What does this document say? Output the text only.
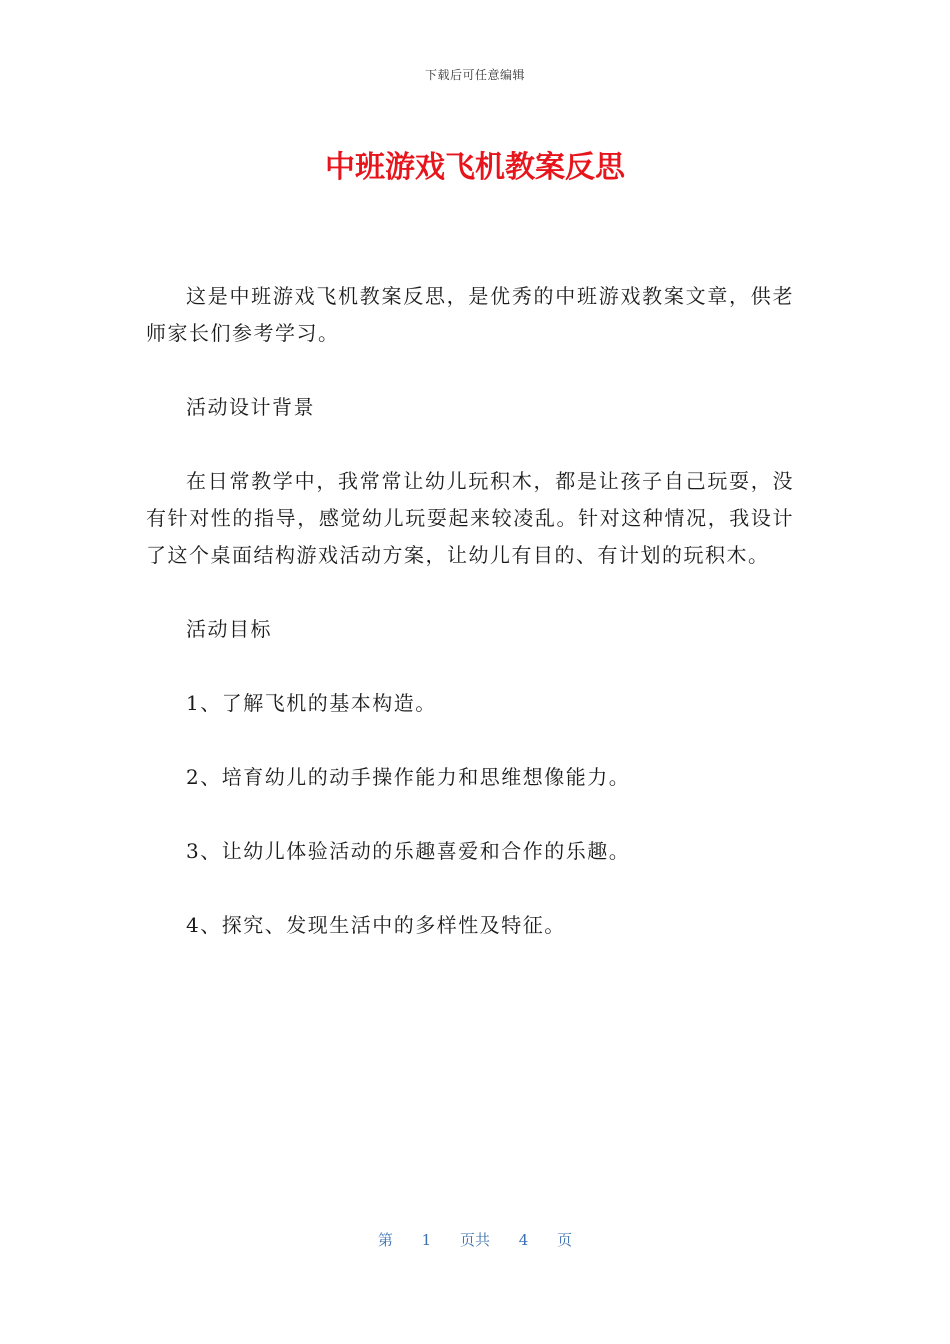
下载后可任意编辑
中班游戏飞机教案反思

这是中班游戏飞机教案反思，是优秀的中班游戏教案文章，供老师家长们参考学习。

活动设计背景

在日常教学中，我常常让幼儿玩积木，都是让孩子自己玩耍，没有针对性的指导，感觉幼儿玩耍起来较凌乱。针对这种情况，我设计了这个桌面结构游戏活动方案，让幼儿有目的、有计划的玩积木。

活动目标

1、了解飞机的基本构造。

2、培育幼儿的动手操作能力和思维想像能力。

3、让幼儿体验活动的乐趣喜爱和合作的乐趣。

4、探究、发现生活中的多样性及特征。

第 1 页共 4 页
